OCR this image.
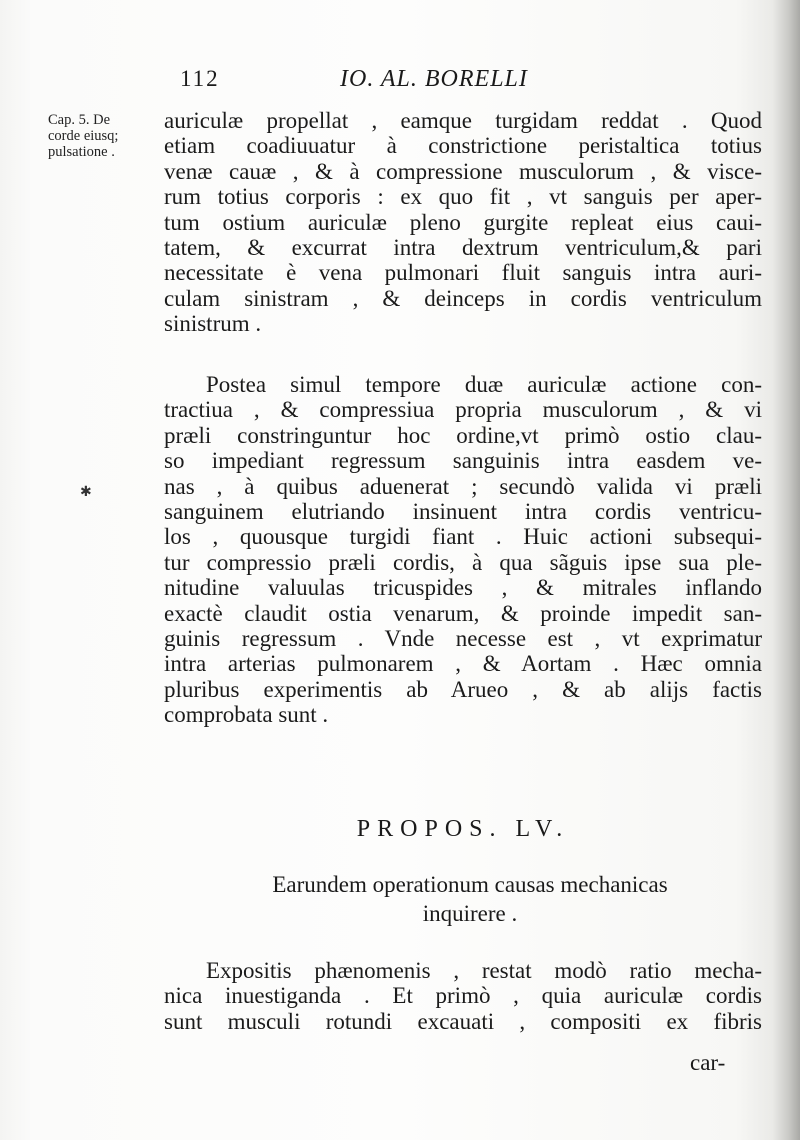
112	IO. AL. BORELLI
Cap. 5. De
corde eiusq;
pulsatione .
✱
auriculæ propellat , eamque turgidam reddat . Quod
etiam coadiuuatur à constrictione peristaltica totius
venæ cauæ , & à compressione musculorum , & visce-
rum totius corporis : ex quo fit , vt sanguis per aper-
tum ostium auriculæ pleno gurgite repleat eius caui-
tatem, & excurrat intra dextrum ventriculum,& pari
necessitate è vena pulmonari fluit sanguis intra auri-
culam sinistram , & deinceps in cordis ventriculum
sinistrum .
Postea simul tempore duæ auriculæ actione con-
tractiua , & compressiua propria musculorum , & vi
præli constringuntur hoc ordine,vt primò ostio clau-
so impediant regressum sanguinis intra easdem ve-
nas , à quibus aduenerat ; secundò valida vi præli
sanguinem elutriando insinuent intra cordis ventricu-
los , quousque turgidi fiant . Huic actioni subsequi-
tur compressio præli cordis, à qua sãguis ipse sua ple-
nitudine valuulas tricuspides , & mitrales inflando
exactè claudit ostia venarum, & proinde impedit san-
guinis regressum . Vnde necesse est , vt exprimatur
intra arterias pulmonarem , & Aortam . Hæc omnia
pluribus experimentis ab Arueo , & ab alijs factis
comprobata sunt .
PROPOS. LV.
Earundem operationum causas mechanicas
inquirere .
Expositis phænomenis , restat modò ratio mecha-
nica inuestiganda . Et primò , quia auriculæ cordis
sunt musculi rotundi excauati , compositi ex fibris
car-
